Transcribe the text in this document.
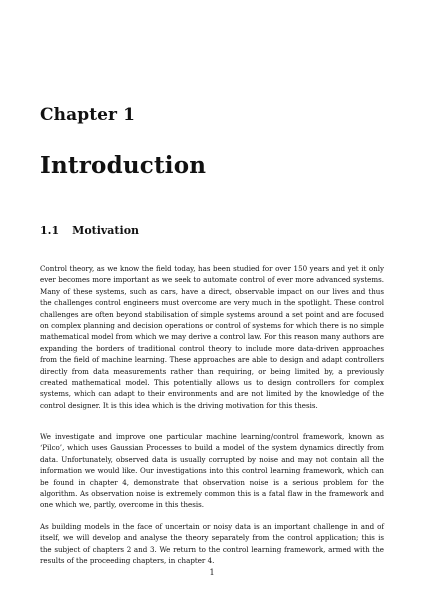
Chapter 1
Introduction
1.1 Motivation

Control theory, as we know the field today, has been studied for over 150 years and yet it only ever becomes more important as we seek to automate control of ever more advanced systems. Many of these systems, such as cars, have a direct, observable impact on our lives and thus the challenges control engineers must overcome are very much in the spotlight. These control challenges are often beyond stabilisation of simple systems around a set point and are focused on complex planning and decision operations or control of systems for which there is no simple mathematical model from which we may derive a control law. For this reason many authors are expanding the borders of traditional control theory to include more data-driven approaches from the field of machine learning. These approaches are able to design and adapt controllers directly from data measurements rather than requiring, or being limited by, a previously created mathematical model. This potentially allows us to design controllers for complex systems, which can adapt to their environments and are not limited by the knowledge of the control designer. It is this idea which is the driving motivation for this thesis.

We investigate and improve one particular machine learning/control framework, known as ‘Pilco’, which uses Gaussian Processes to build a model of the system dynamics directly from data. Unfortunately, observed data is usually corrupted by noise and may not contain all the information we would like. Our investigations into this control learning framework, which can be found in chapter 4, demonstrate that observation noise is a serious problem for the algorithm. As observation noise is extremely common this is a fatal flaw in the framework and one which we, partly, overcome in this thesis.

As building models in the face of uncertain or noisy data is an important challenge in and of itself, we will develop and analyse the theory separately from the control application; this is the subject of chapters 2 and 3. We return to the control learning framework, armed with the results of the proceeding chapters, in chapter 4.

1
